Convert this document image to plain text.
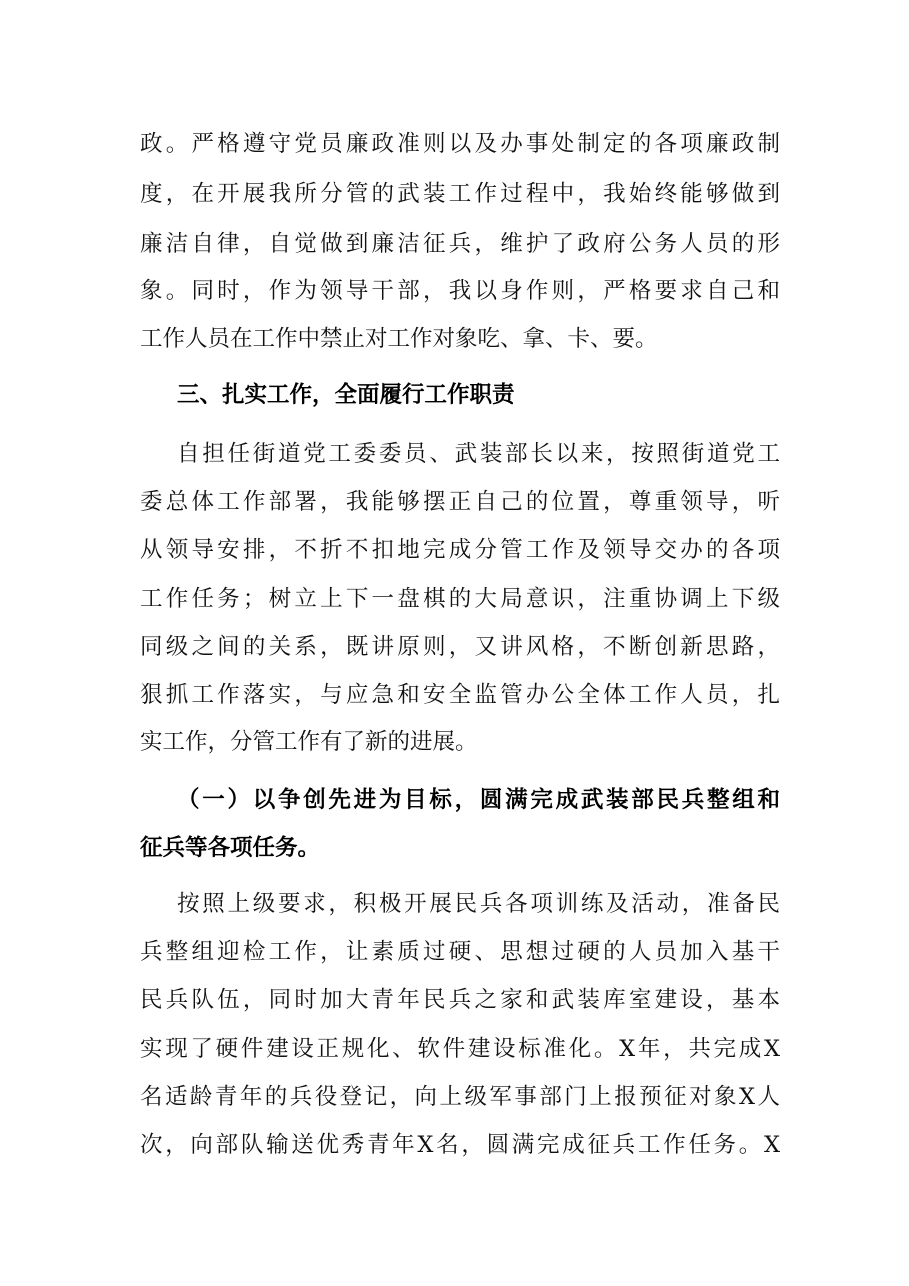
政。严格遵守党员廉政准则以及办事处制定的各项廉政制
度，在开展我所分管的武装工作过程中，我始终能够做到
廉洁自律，自觉做到廉洁征兵，维护了政府公务人员的形
象。同时，作为领导干部，我以身作则，严格要求自己和
工作人员在工作中禁止对工作对象吃、拿、卡、要。
三、扎实工作，全面履行工作职责
自担任街道党工委委员、武装部长以来，按照街道党工
委总体工作部署，我能够摆正自己的位置，尊重领导，听
从领导安排，不折不扣地完成分管工作及领导交办的各项
工作任务；树立上下一盘棋的大局意识，注重协调上下级
同级之间的关系，既讲原则，又讲风格，不断创新思路，
狠抓工作落实，与应急和安全监管办公全体工作人员，扎
实工作，分管工作有了新的进展。
（一）以争创先进为目标，圆满完成武装部民兵整组和
征兵等各项任务。
按照上级要求，积极开展民兵各项训练及活动，准备民
兵整组迎检工作，让素质过硬、思想过硬的人员加入基干
民兵队伍，同时加大青年民兵之家和武装库室建设，基本
实现了硬件建设正规化、软件建设标准化。X年，共完成X
名适龄青年的兵役登记，向上级军事部门上报预征对象X人
次，向部队输送优秀青年X名，圆满完成征兵工作任务。X
